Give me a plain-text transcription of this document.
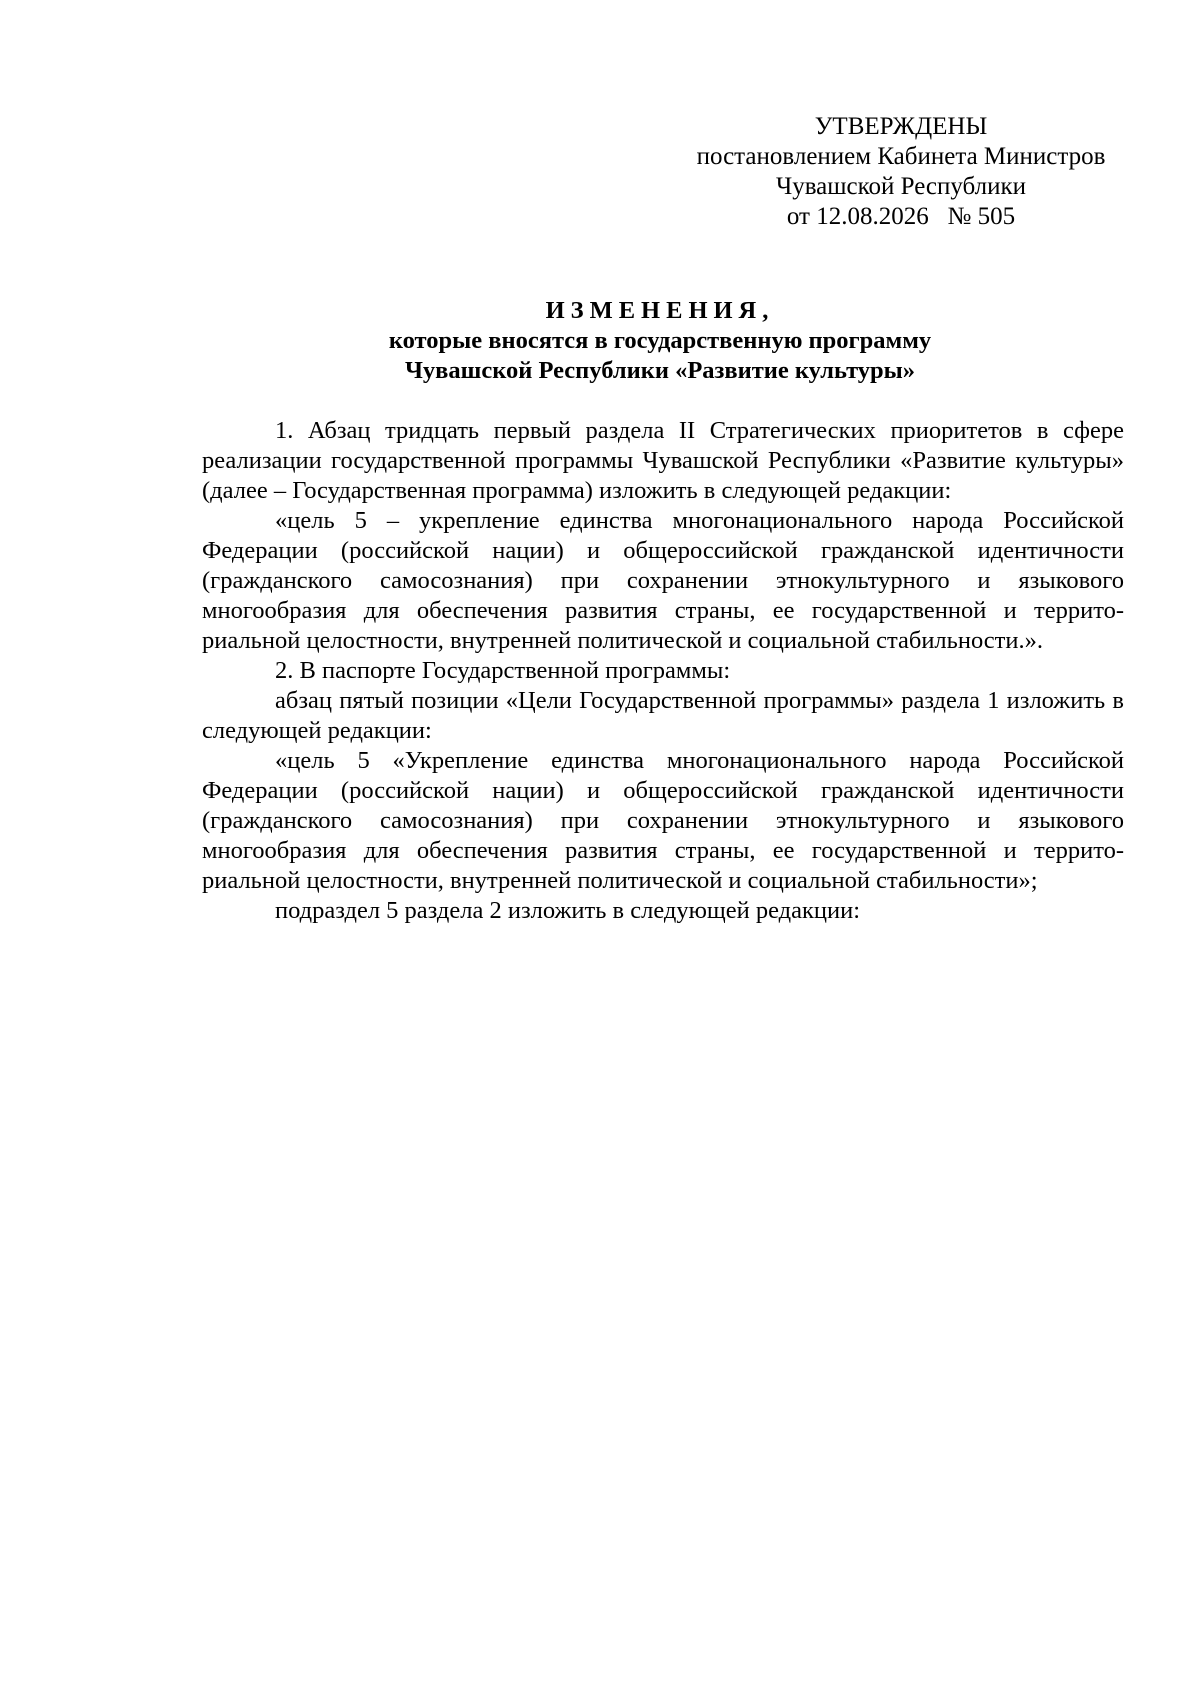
УТВЕРЖДЕНЫ
постановлением Кабинета Министров
Чувашской Республики
от 12.08.2026   № 505
ИЗМЕНЕНИЯ,
которые вносятся в государственную программу
Чувашской Республики «Развитие культуры»

1. Абзац тридцать первый раздела II Стратегических приоритетов в сфере реализации государственной программы Чувашской Республики «Развитие культуры» (далее – Государственная программа) изложить в следующей редакции:

«цель 5 – укрепление единства многонационального народа Российской Федерации (российской нации) и общероссийской гражданской идентичности (гражданского самосознания) при сохранении этнокультурного и языкового многообразия для обеспечения развития страны, ее государственной и территориальной целостности, внутренней политической и социальной стабильности.».

2. В паспорте Государственной программы:

абзац пятый позиции «Цели Государственной программы» раздела 1 изложить в следующей редакции:

«цель 5 «Укрепление единства многонационального народа Российской Федерации (российской нации) и общероссийской гражданской идентичности (гражданского самосознания) при сохранении этнокультурного и языкового многообразия для обеспечения развития страны, ее государственной и территориальной целостности, внутренней политической и социальной стабильности»;

подраздел 5 раздела 2 изложить в следующей редакции:
